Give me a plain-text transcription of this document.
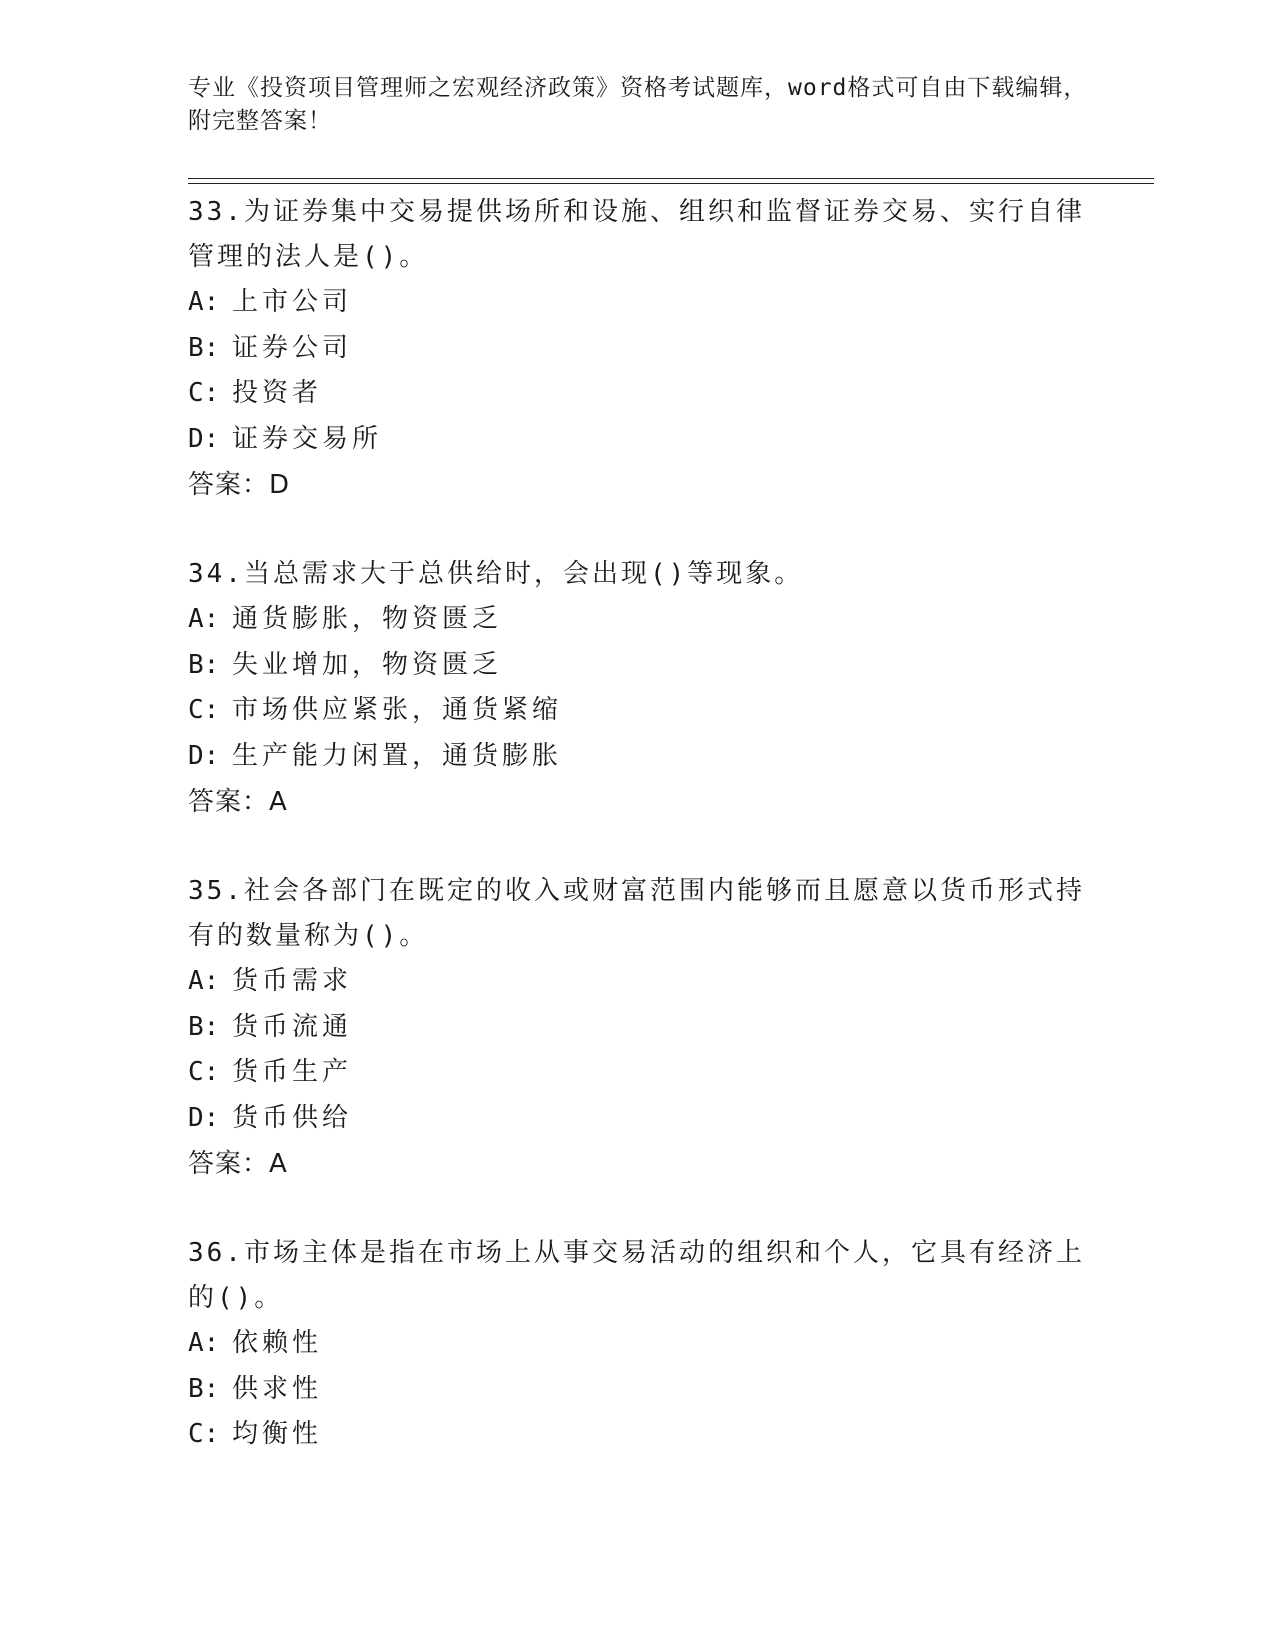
专业《投资项目管理师之宏观经济政策》资格考试题库，word格式可自由下载编辑，附完整答案！
33.为证券集中交易提供场所和设施、组织和监督证券交易、实行自律管理的法人是()。
A: 上市公司
B: 证券公司
C: 投资者
D: 证券交易所
答案：D
34.当总需求大于总供给时，会出现()等现象。
A: 通货膨胀，物资匮乏
B: 失业增加，物资匮乏
C: 市场供应紧张，通货紧缩
D: 生产能力闲置，通货膨胀
答案：A
35.社会各部门在既定的收入或财富范围内能够而且愿意以货币形式持有的数量称为()。
A: 货币需求
B: 货币流通
C: 货币生产
D: 货币供给
答案：A
36.市场主体是指在市场上从事交易活动的组织和个人，它具有经济上的()。
A: 依赖性
B: 供求性
C: 均衡性
